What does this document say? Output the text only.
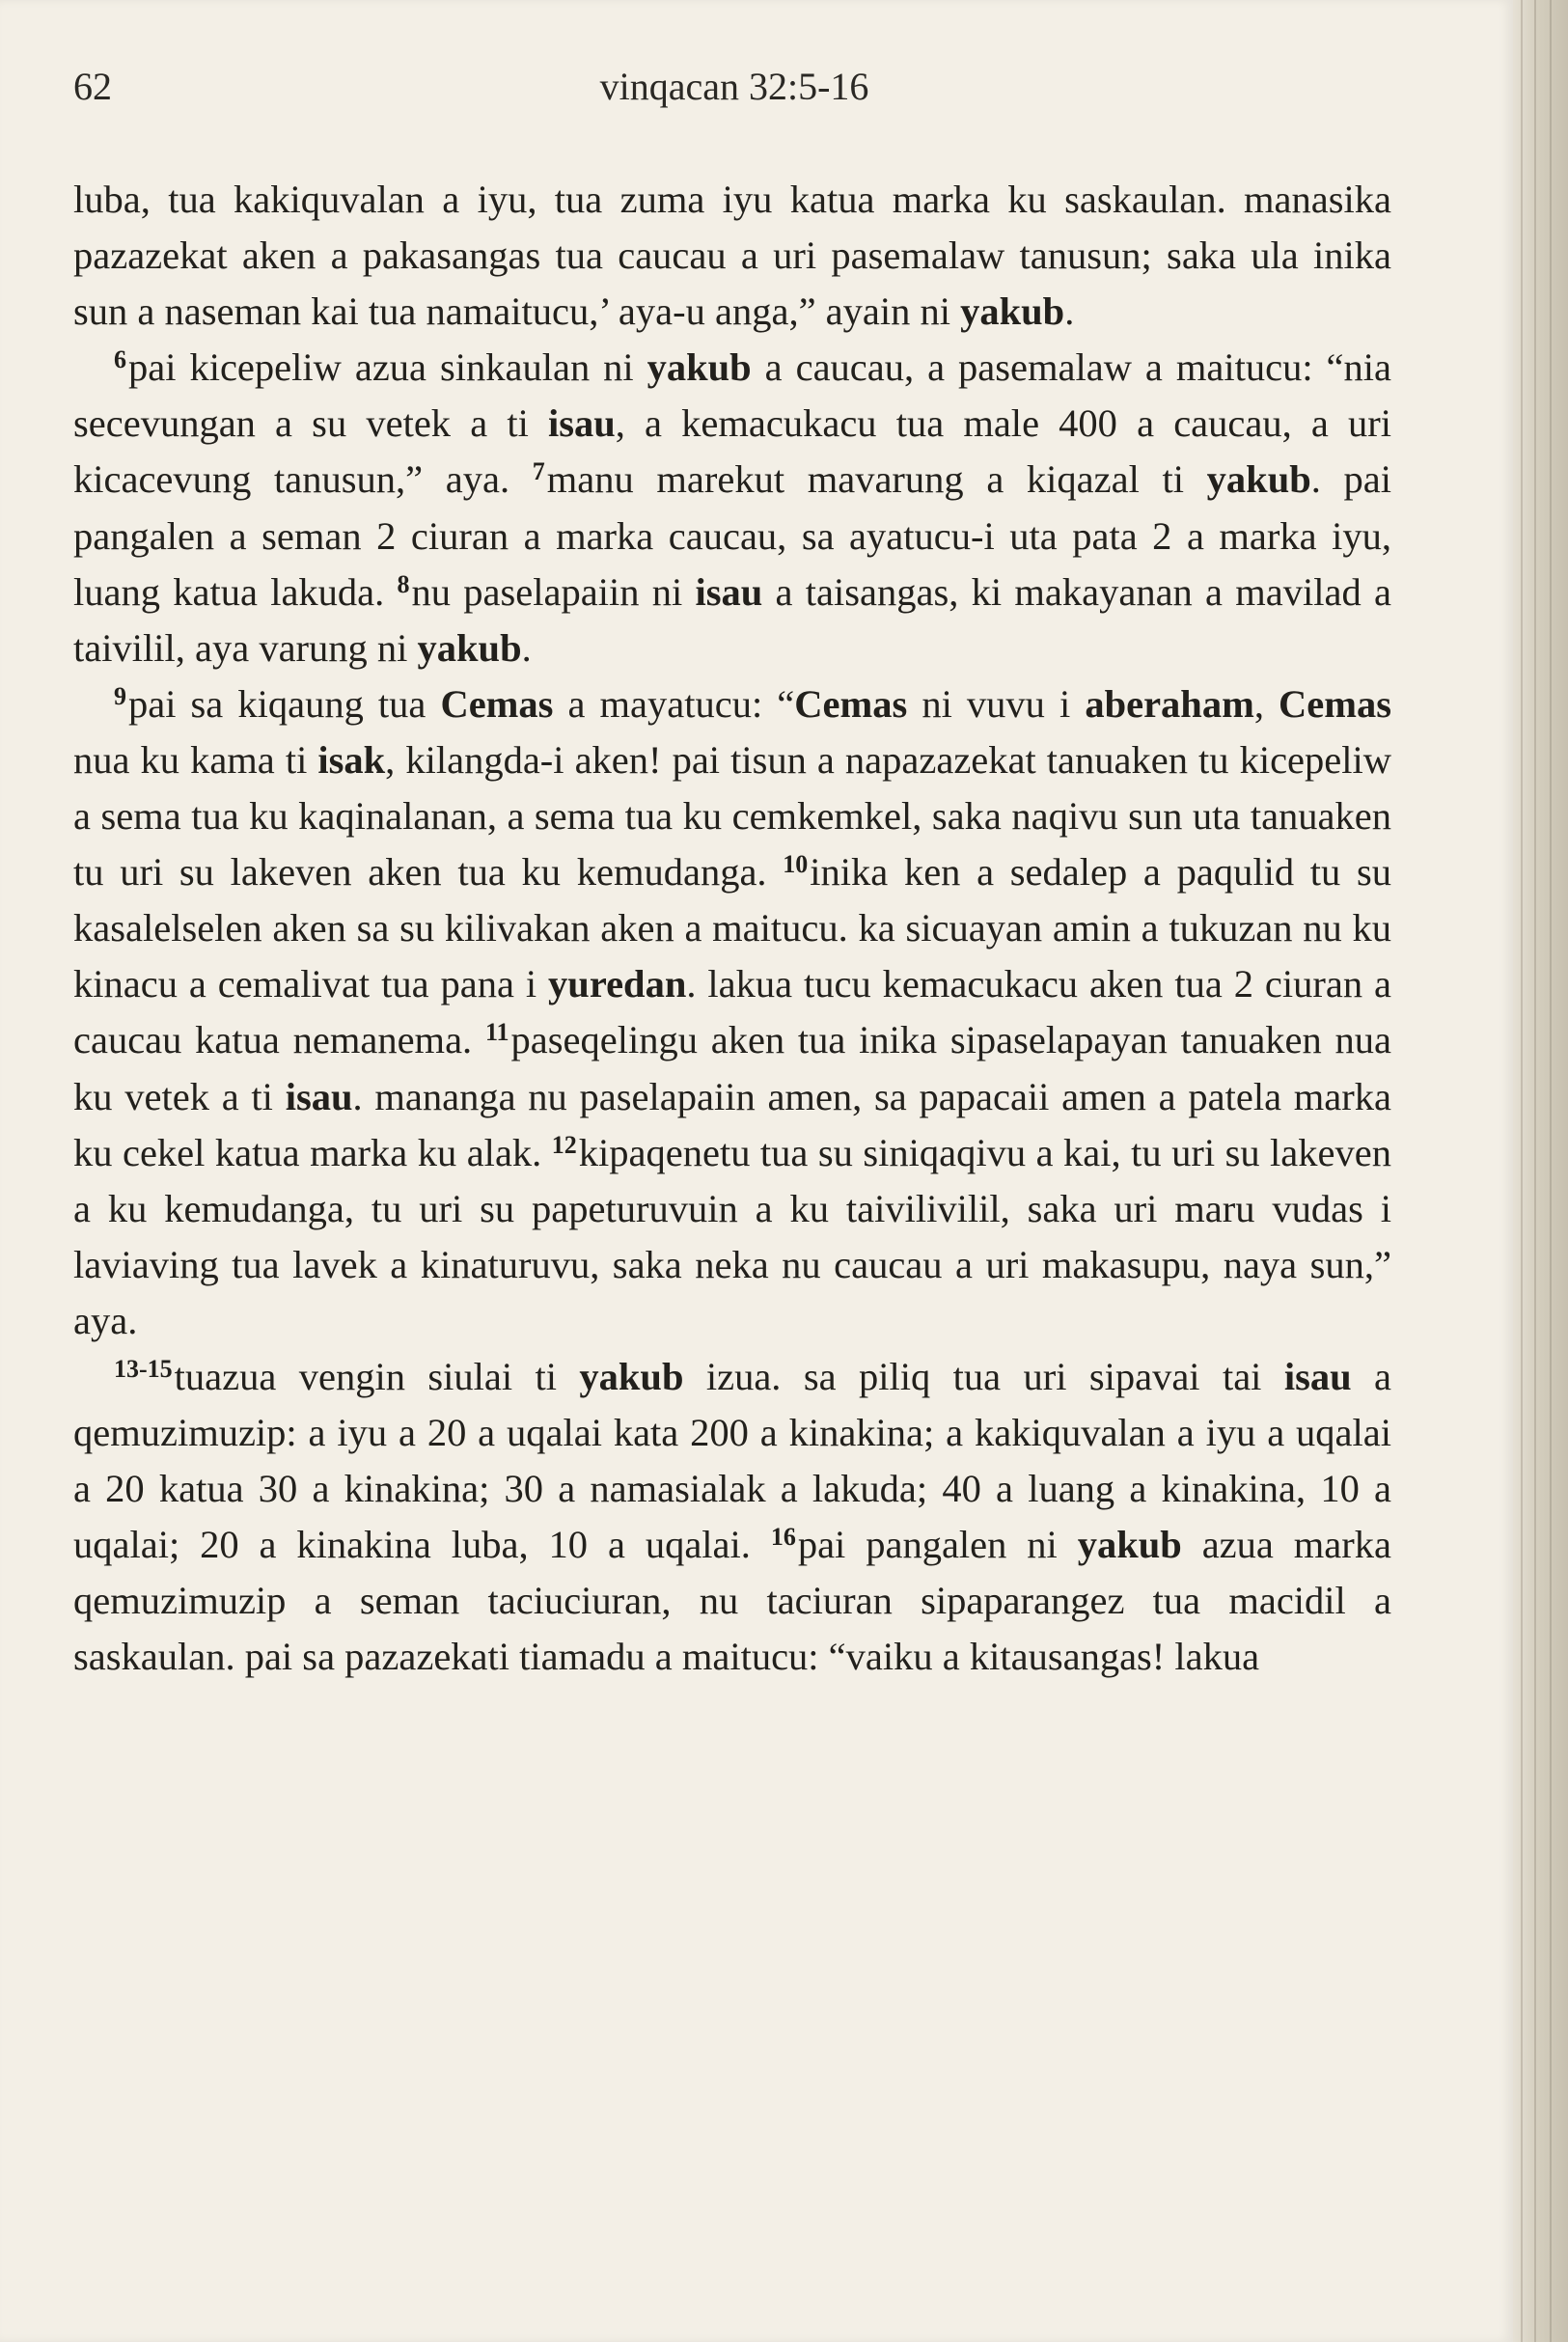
62	vinqacan 32:5-16

luba, tua kakiquvalan a iyu, tua zuma iyu katua marka ku saskaulan. manasika pazazekat aken a pakasangas tua caucau a uri pasemalaw tanusun; saka ula inika sun a naseman kai tua namaitucu,’ aya-u anga,” ayain ni yakub.

$^6$pai kicepeliw azua sinkaulan ni yakub a caucau, a pasemalaw a maitucu: “nia secevungan a su vetek a ti isau, a kemacukacu tua male 400 a caucau, a uri kicacevung tanusun,” aya. $^7$manu marekut mavarung a kiqazal ti yakub. pai pangalen a seman 2 ciuran a marka caucau, sa ayatucu-i uta pata 2 a marka iyu, luang katua lakuda. $^8$nu paselapaiin ni isau a taisangas, ki makayanan a mavilad a taivilil, aya varung ni yakub.

$^9$pai sa kiqaung tua Cemas a mayatucu: “Cemas ni vuvu i aberaham, Cemas nua ku kama ti isak, kilangda-i aken! pai tisun a napazazekat tanuaken tu kicepeliw a sema tua ku kaqinalanan, a sema tua ku cemkemkel, saka naqivu sun uta tanuaken tu uri su lakeven aken tua ku kemudanga. $^{10}$inika ken a sedalep a paqulid tu su kasalelselen aken sa su kilivakan aken a maitucu. ka sicuayan amin a tukuzan nu ku kinacu a cemalivat tua pana i yuredan. lakua tucu kemacukacu aken tua 2 ciuran a caucau katua nemanema. $^{11}$paseqelingu aken tua inika sipaselapayan tanuaken nua ku vetek a ti isau. mananga nu paselapaiin amen, sa papacaii amen a patela marka ku cekel katua marka ku alak. $^{12}$kipaqenetu tua su siniqaqivu a kai, tu uri su lakeven a ku kemudanga, tu uri su papeturuvuin a ku taivilivilil, saka uri maru vudas i laviaving tua lavek a kinaturuvu, saka neka nu caucau a uri makasupu, naya sun,” aya.

$^{13-15}$tuazua vengin siulai ti yakub izua. sa piliq tua uri sipavai tai isau a qemuzimuzip: a iyu a 20 a uqalai kata 200 a kinakina; a kakiquvalan a iyu a uqalai a 20 katua 30 a kinakina; 30 a namasialak a lakuda; 40 a luang a kinakina, 10 a uqalai; 20 a kinakina luba, 10 a uqalai. $^{16}$pai pangalen ni yakub azua marka qemuzimuzip a seman taciuciuran, nu taciuran sipaparangez tua macidil a saskaulan. pai sa pazazekati tiamadu a maitucu: “vaiku a kitausangas! lakua
